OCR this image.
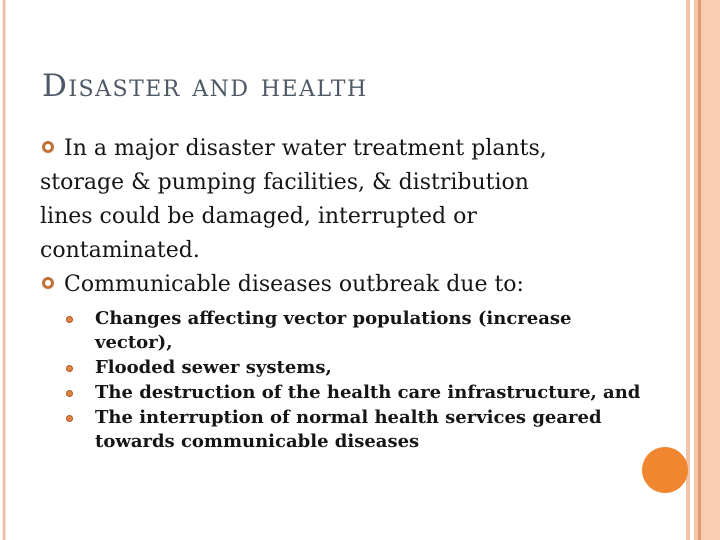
Disaster and health
In a major disaster water treatment plants,
storage & pumping facilities, & distribution
lines could be damaged, interrupted or
contaminated.
Communicable diseases outbreak due to:
Changes affecting vector populations (increase
vector),
Flooded sewer systems,
The destruction of the health care infrastructure, and
The interruption of normal health services geared
towards communicable diseases
